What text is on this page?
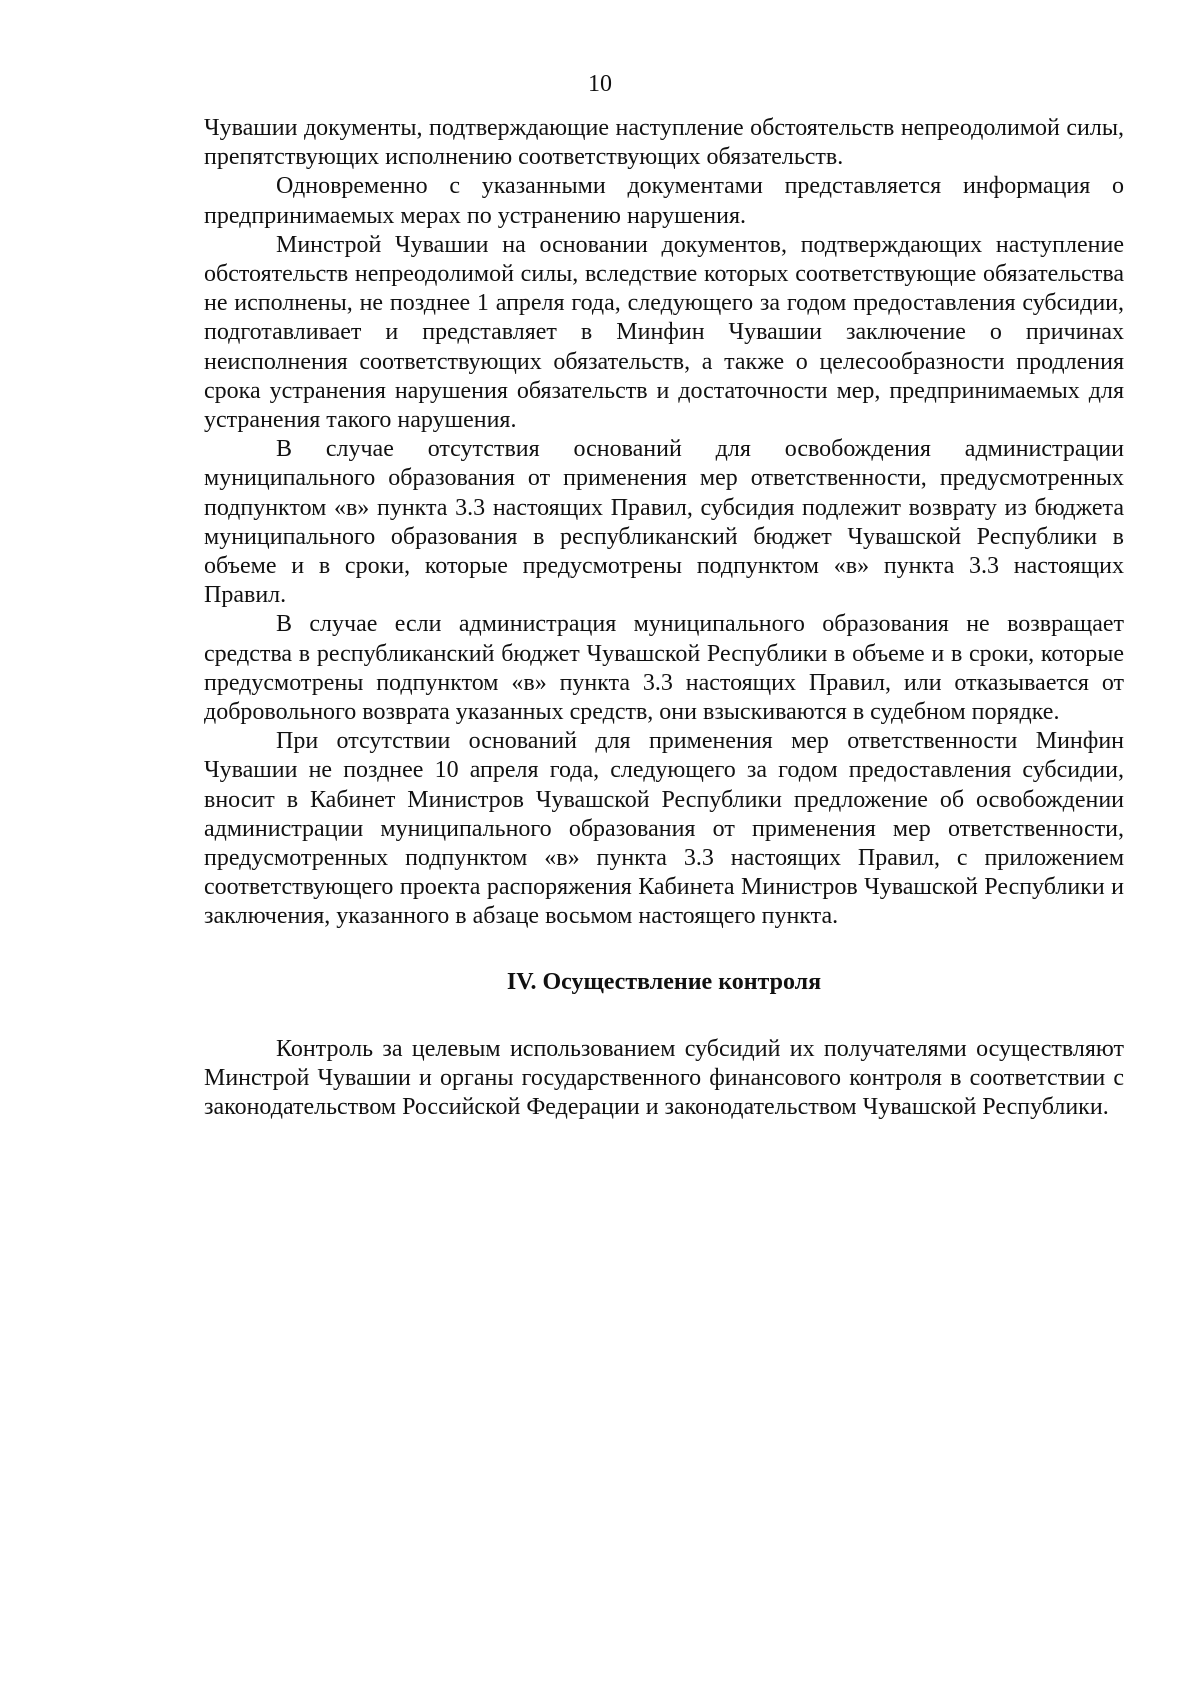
10

Чувашии документы, подтверждающие наступление обстоятельств непреодолимой силы, препятствующих исполнению соответствующих обязательств.

Одновременно с указанными документами представляется информация о предпринимаемых мерах по устранению нарушения.

Минстрой Чувашии на основании документов, подтверждающих наступление обстоятельств непреодолимой силы, вследствие которых соответствующие обязательства не исполнены, не позднее 1 апреля года, следующего за годом предоставления субсидии, подготавливает и представляет в Минфин Чувашии заключение о причинах неисполнения соответствующих обязательств, а также о целесообразности продления срока устранения нарушения обязательств и достаточности мер, предпринимаемых для устранения такого нарушения.

В случае отсутствия оснований для освобождения администрации муниципального образования от применения мер ответственности, предусмотренных подпунктом «в» пункта 3.3 настоящих Правил, субсидия подлежит возврату из бюджета муниципального образования в республиканский бюджет Чувашской Республики в объеме и в сроки, которые предусмотрены подпунктом «в» пункта 3.3 настоящих Правил.

В случае если администрация муниципального образования не возвращает средства в республиканский бюджет Чувашской Республики в объеме и в сроки, которые предусмотрены подпунктом «в» пункта 3.3 настоящих Правил, или отказывается от добровольного возврата указанных средств, они взыскиваются в судебном порядке.

При отсутствии оснований для применения мер ответственности Минфин Чувашии не позднее 10 апреля года, следующего за годом предоставления субсидии, вносит в Кабинет Министров Чувашской Республики предложение об освобождении администрации муниципального образования от применения мер ответственности, предусмотренных подпунктом «в» пункта 3.3 настоящих Правил, с приложением соответствующего проекта распоряжения Кабинета Министров Чувашской Республики и заключения, указанного в абзаце восьмом настоящего пункта.

IV. Осуществление контроля

Контроль за целевым использованием субсидий их получателями осуществляют Минстрой Чувашии и органы государственного финансового контроля в соответствии с законодательством Российской Федерации и законодательством Чувашской Республики.
